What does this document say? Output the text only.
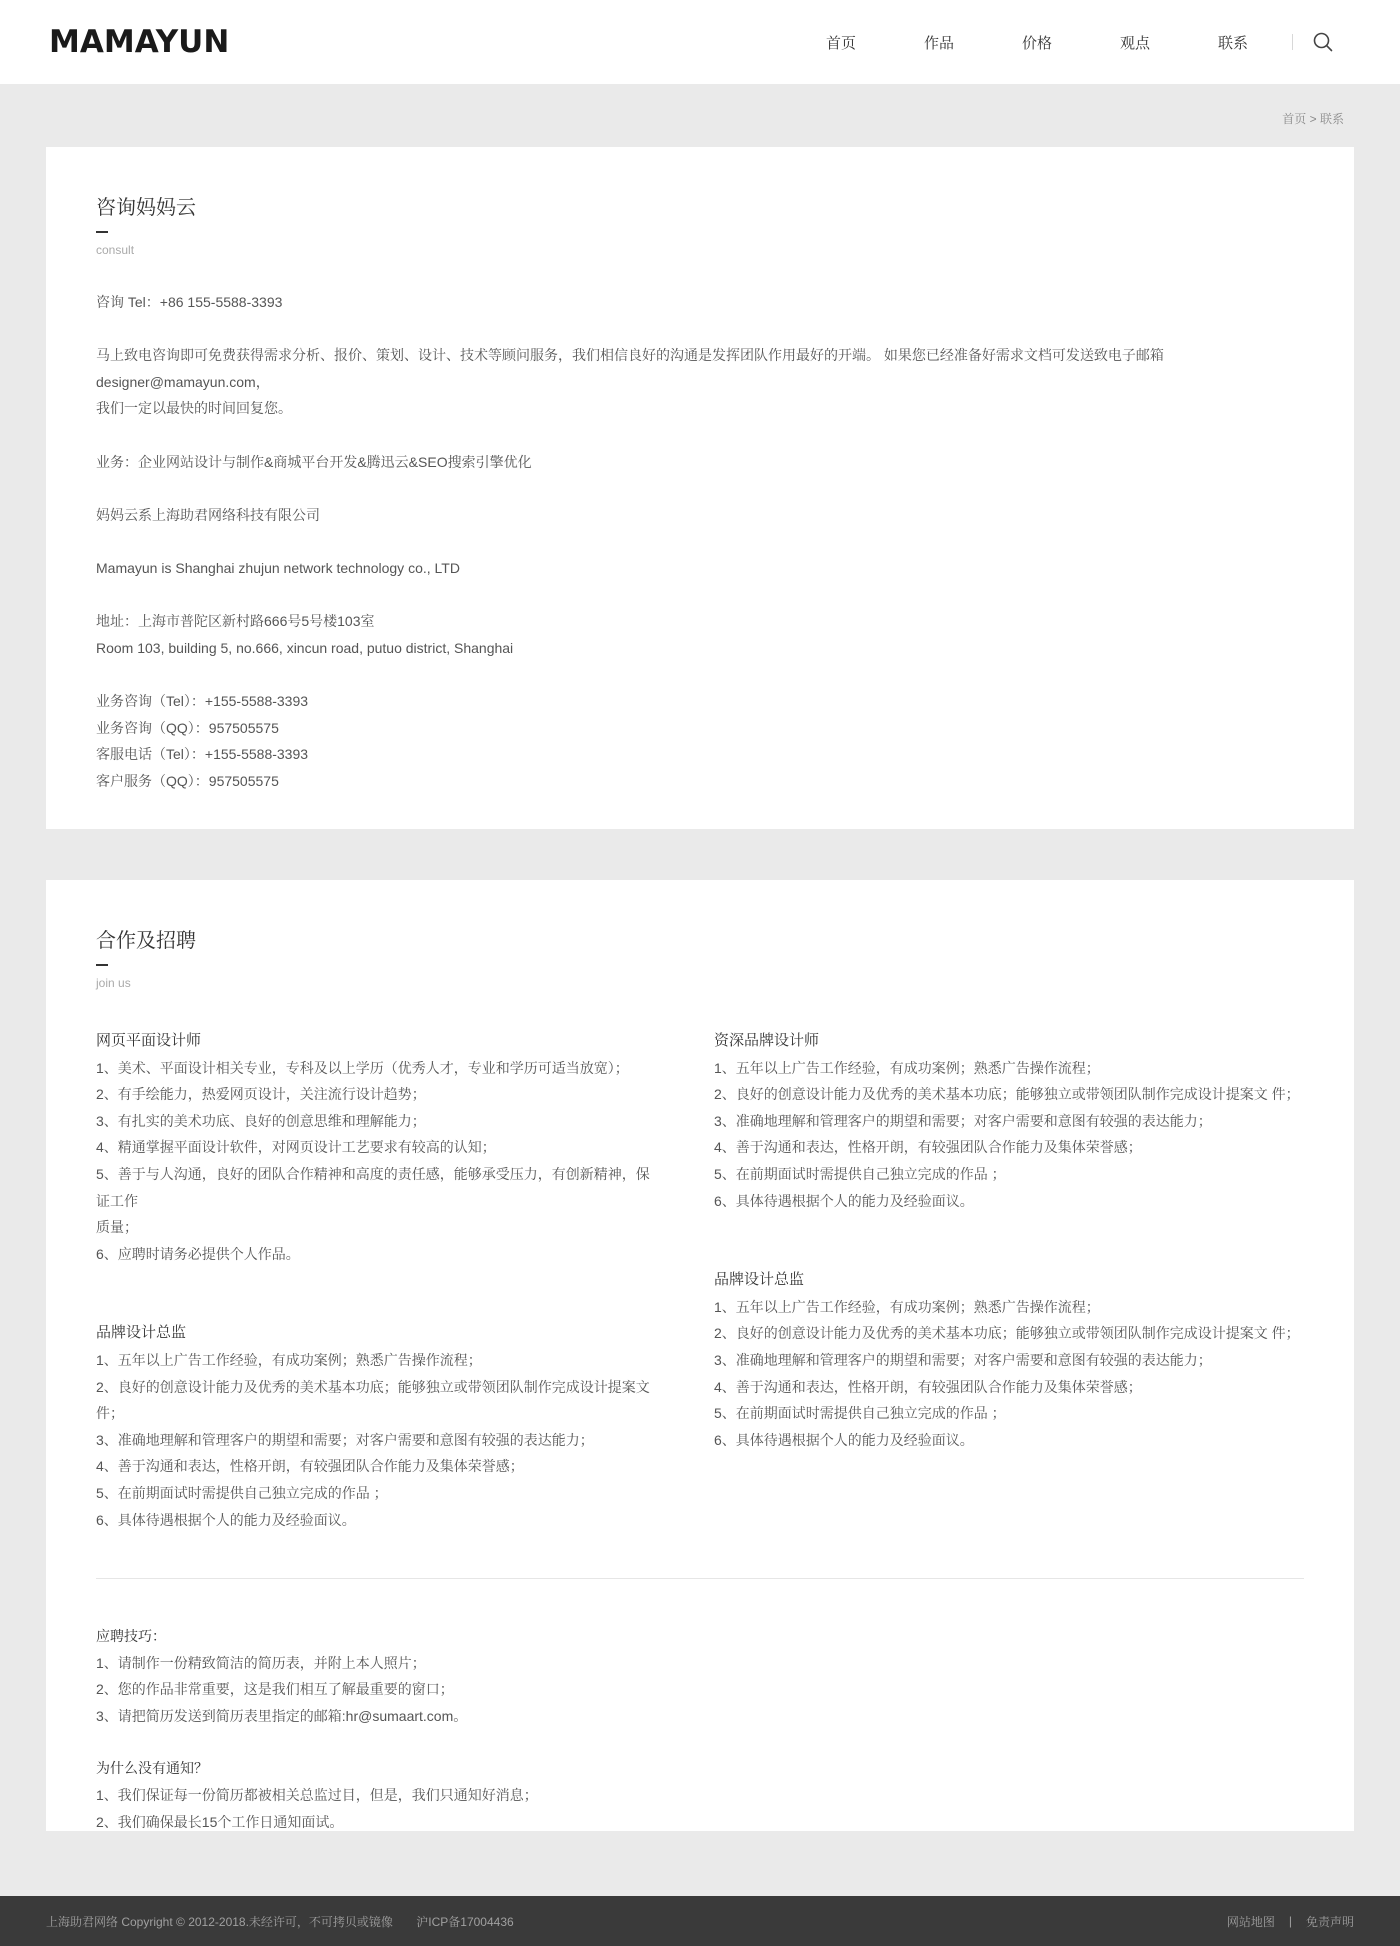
MAMAYUN	首页	作品	价格	观点	联系
首页 > 联系
咨询妈妈云
consult
咨询 Tel：+86 155-5588-3393
马上致电咨询即可免费获得需求分析、报价、策划、设计、技术等顾问服务，我们相信良好的沟通是发挥团队作用最好的开端。 如果您已经准备好需求文档可发送致电子邮箱 designer@mamayun.com，
我们一定以最快的时间回复您。
业务：企业网站设计与制作&商城平台开发&腾迅云&SEO搜索引擎优化
妈妈云系上海助君网络科技有限公司
Mamayun is Shanghai zhujun network technology co., LTD
地址：上海市普陀区新村路666号5号楼103室
Room 103, building 5, no.666, xincun road, putuo district, Shanghai
业务咨询（Tel）：+155-5588-3393
业务咨询（QQ）：957505575
客服电话（Tel）：+155-5588-3393
客户服务（QQ）：957505575
合作及招聘
join us
网页平面设计师
1、美术、平面设计相关专业，专科及以上学历（优秀人才，专业和学历可适当放宽）；
2、有手绘能力，热爱网页设计，关注流行设计趋势；
3、有扎实的美术功底、良好的创意思维和理解能力；
4、精通掌握平面设计软件，对网页设计工艺要求有较高的认知；
5、善于与人沟通，良好的团队合作精神和高度的责任感，能够承受压力，有创新精神，保证工作
质量；
6、应聘时请务必提供个人作品。
品牌设计总监
1、五年以上广告工作经验，有成功案例；熟悉广告操作流程；
2、良好的创意设计能力及优秀的美术基本功底；能够独立或带领团队制作完成设计提案文 件；
3、准确地理解和管理客户的期望和需要；对客户需要和意图有较强的表达能力；
4、善于沟通和表达，性格开朗，有较强团队合作能力及集体荣誉感；
5、在前期面试时需提供自己独立完成的作品 ；
6、具体待遇根据个人的能力及经验面议。
资深品牌设计师
1、五年以上广告工作经验，有成功案例；熟悉广告操作流程；
2、良好的创意设计能力及优秀的美术基本功底；能够独立或带领团队制作完成设计提案文 件；
3、准确地理解和管理客户的期望和需要；对客户需要和意图有较强的表达能力；
4、善于沟通和表达，性格开朗，有较强团队合作能力及集体荣誉感；
5、在前期面试时需提供自己独立完成的作品 ；
6、具体待遇根据个人的能力及经验面议。
品牌设计总监
1、五年以上广告工作经验，有成功案例；熟悉广告操作流程；
2、良好的创意设计能力及优秀的美术基本功底；能够独立或带领团队制作完成设计提案文 件；
3、准确地理解和管理客户的期望和需要；对客户需要和意图有较强的表达能力；
4、善于沟通和表达，性格开朗，有较强团队合作能力及集体荣誉感；
5、在前期面试时需提供自己独立完成的作品 ；
6、具体待遇根据个人的能力及经验面议。
应聘技巧：
1、请制作一份精致简洁的简历表，并附上本人照片；
2、您的作品非常重要，这是我们相互了解最重要的窗口；
3、请把简历发送到简历表里指定的邮箱:hr@sumaart.com。
为什么没有通知？
1、我们保证每一份简历都被相关总监过目，但是，我们只通知好消息；
2、我们确保最长15个工作日通知面试。
上海助君网络 Copyright © 2012-2018.未经许可，不可拷贝或镜像 沪ICP备17004436	网站地图 | 免责声明
